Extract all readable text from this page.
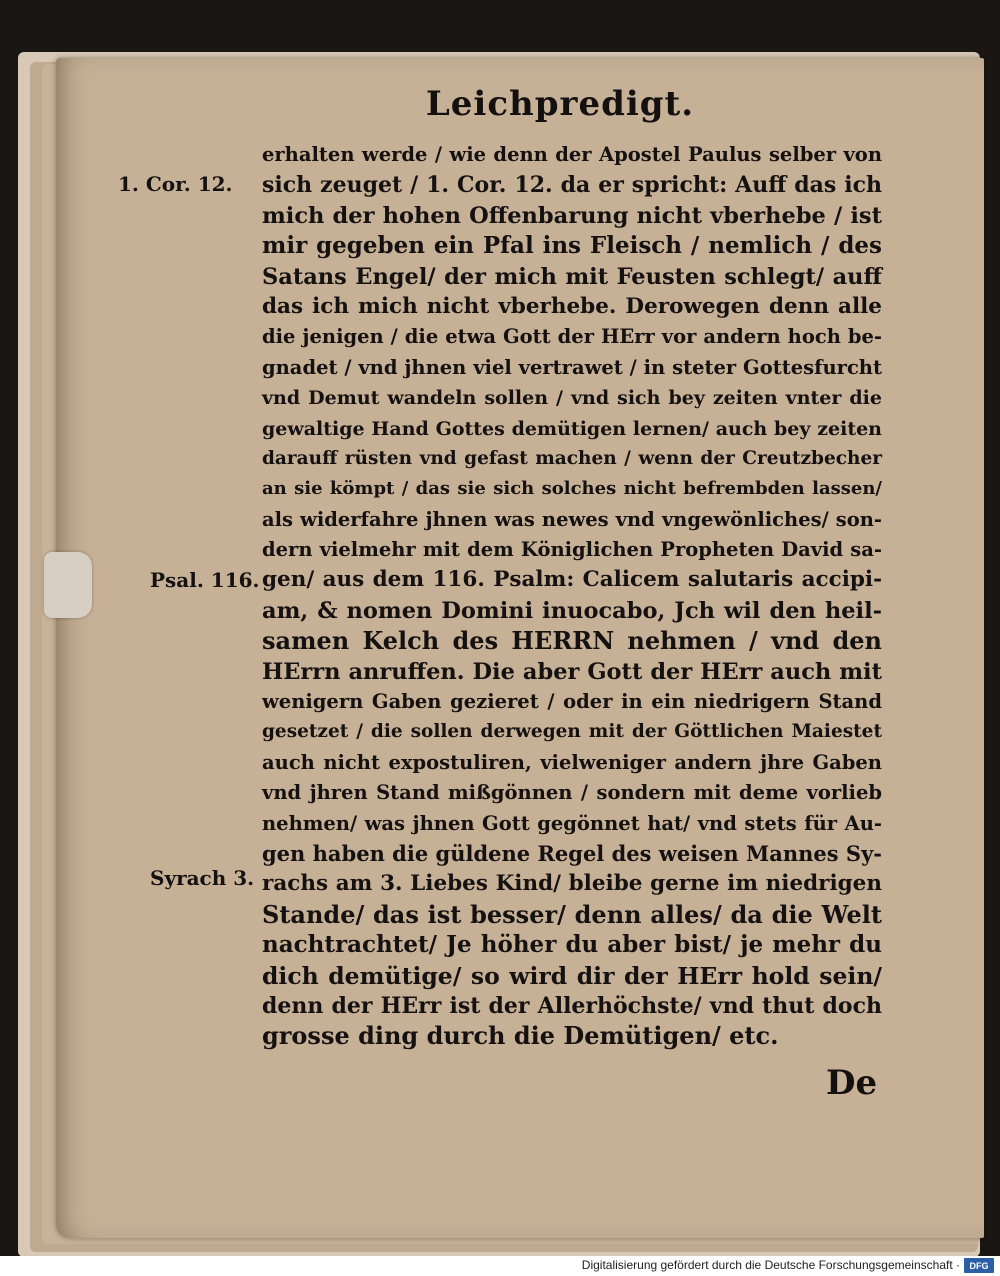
Leichpredigt.
1. Cor. 12.
Psal. 116.
Syrach 3.
erhalten werde / wie denn der Apostel Paulus selber von
sich zeuget / 1. Cor. 12. da er spricht: Auff das ich
mich der hohen Offenbarung nicht vberhebe / ist
mir gegeben ein Pfal ins Fleisch / nemlich / des
Satans Engel/ der mich mit Feusten schlegt/ auff
das ich mich nicht vberhebe. Derowegen denn alle
die jenigen / die etwa Gott der HErr vor andern hoch be-
gnadet / vnd jhnen viel vertrawet / in steter Gottesfurcht
vnd Demut wandeln sollen / vnd sich bey zeiten vnter die
gewaltige Hand Gottes demütigen lernen/ auch bey zeiten
darauff rüsten vnd gefast machen / wenn der Creutzbecher
an sie kömpt / das sie sich solches nicht befrembden lassen/
als widerfahre jhnen was newes vnd vngewönliches/ son-
dern vielmehr mit dem Königlichen Propheten David sa-
gen/ aus dem 116. Psalm: Calicem salutaris accipi-
am, & nomen Domini inuocabo, Jch wil den heil-
samen Kelch des HERRN nehmen / vnd den
HErrn anruffen. Die aber Gott der HErr auch mit
wenigern Gaben gezieret / oder in ein niedrigern Stand
gesetzet / die sollen derwegen mit der Göttlichen Maiestet
auch nicht expostuliren, vielweniger andern jhre Gaben
vnd jhren Stand mißgönnen / sondern mit deme vorlieb
nehmen/ was jhnen Gott gegönnet hat/ vnd stets für Au-
gen haben die güldene Regel des weisen Mannes Sy-
rachs am 3. Liebes Kind/ bleibe gerne im niedrigen
Stande/ das ist besser/ denn alles/ da die Welt
nachtrachtet/ Je höher du aber bist/ je mehr du
dich demütige/ so wird dir der HErr hold sein/
denn der HErr ist der Allerhöchste/ vnd thut doch
grosse ding durch die Demütigen/ etc.
De
Digitalisierung gefördert durch die Deutsche Forschungsgemeinschaft ·	DFG
